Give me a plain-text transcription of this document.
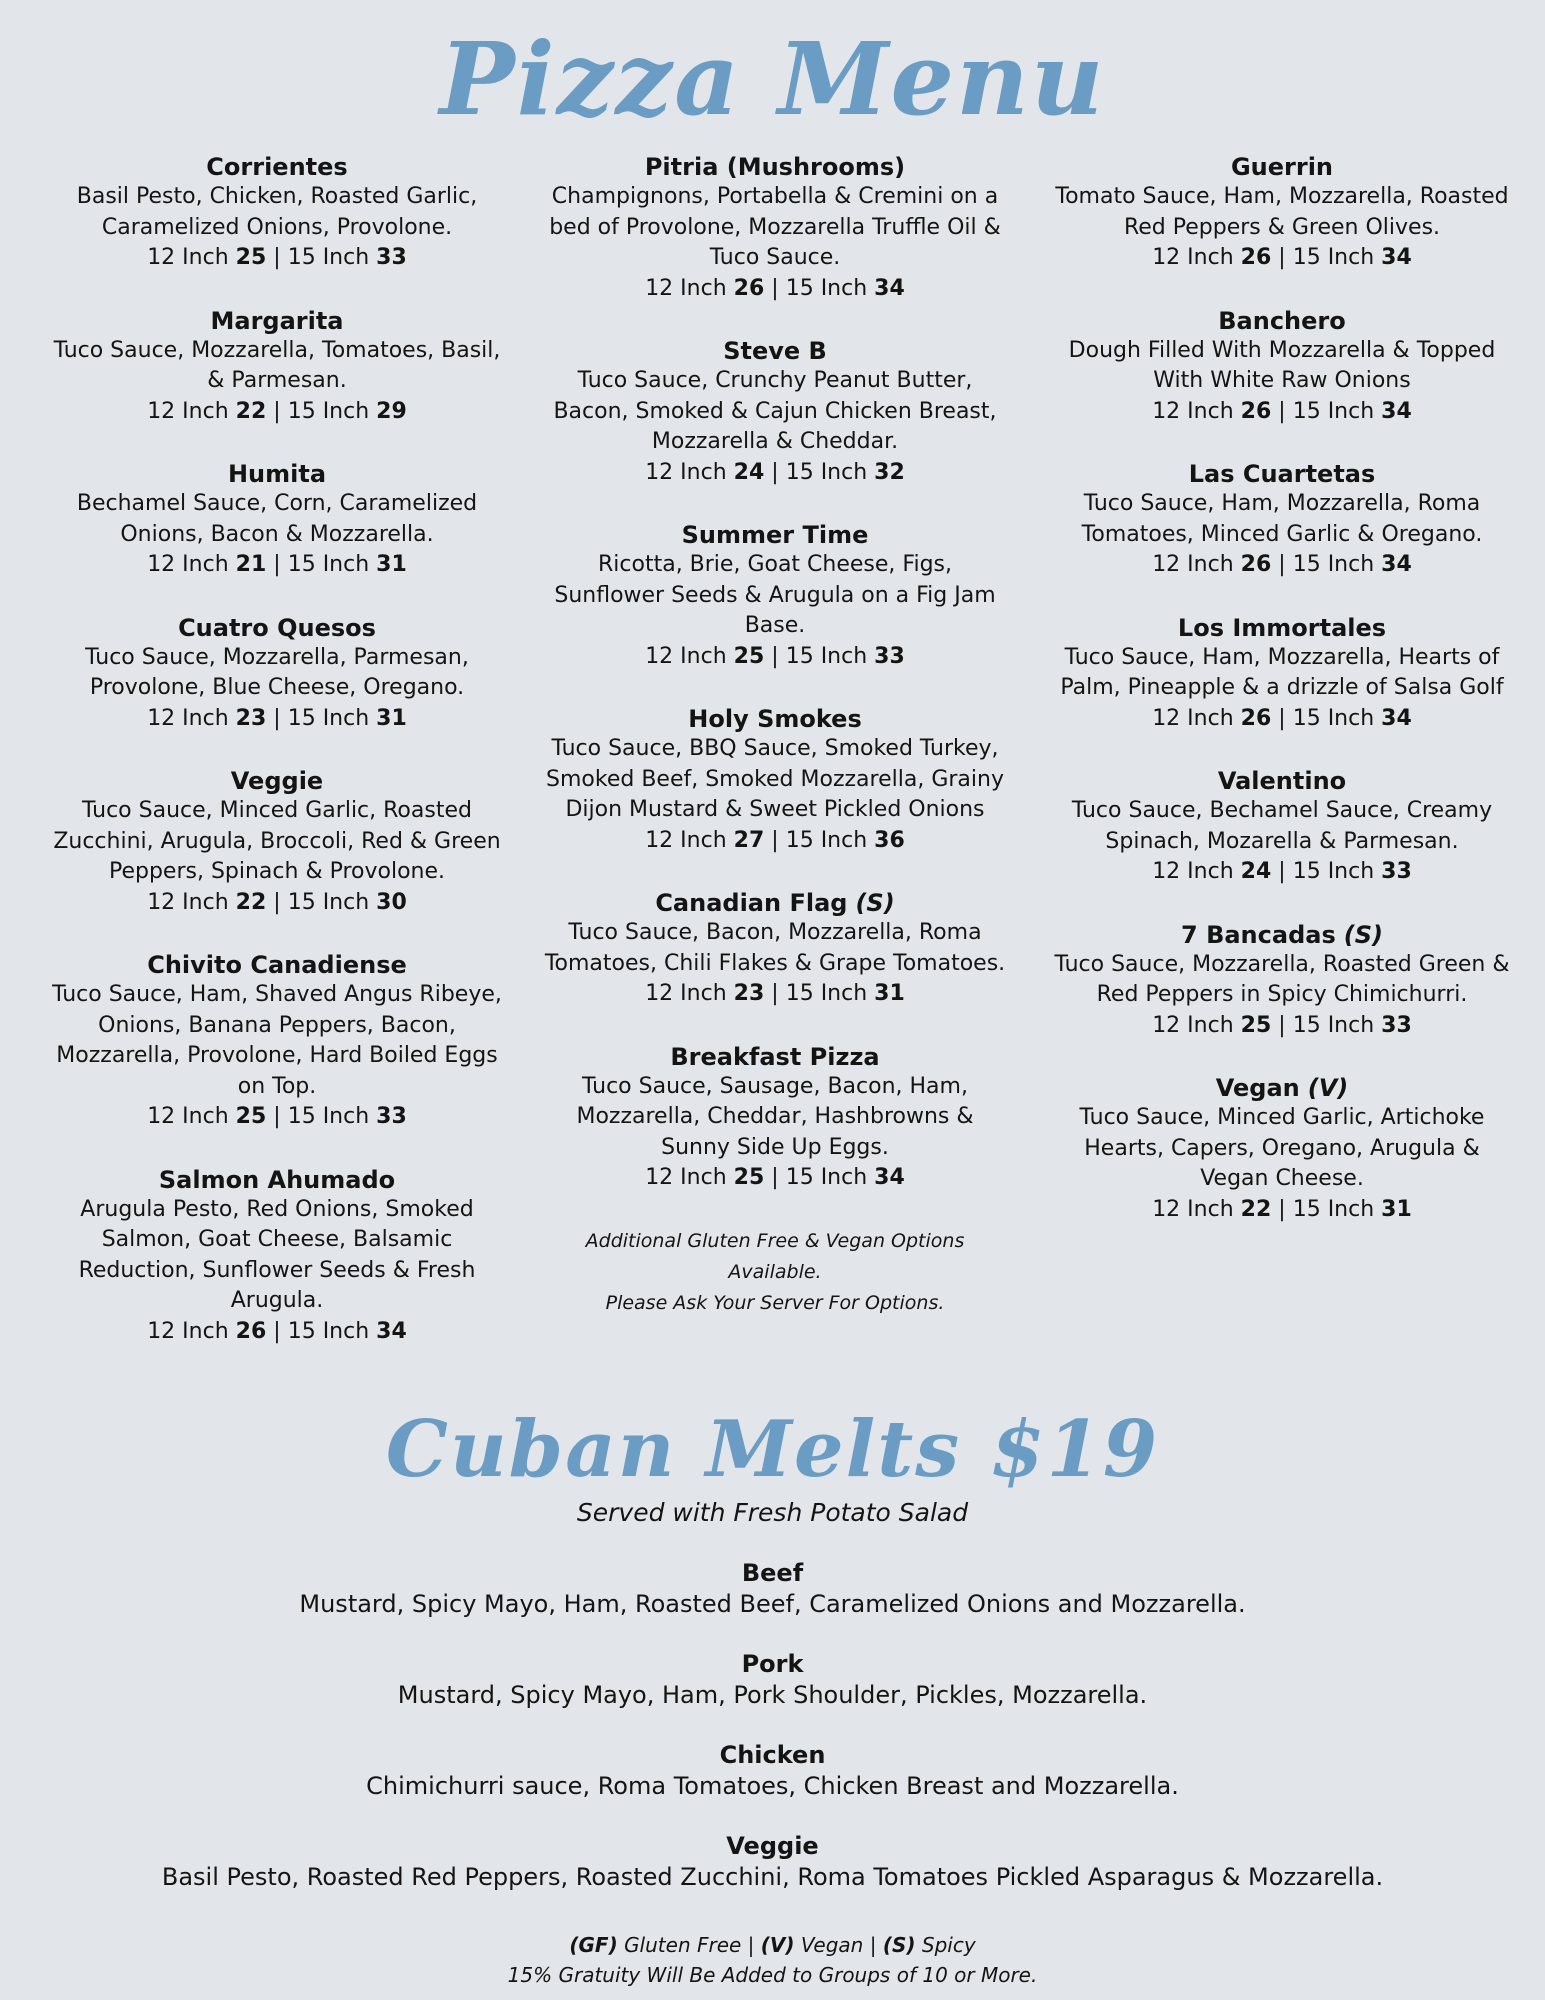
Pizza Menu
Corrientes
Basil Pesto, Chicken, Roasted Garlic, Caramelized Onions, Provolone.
12 Inch 25 | 15 Inch 33
Margarita
Tuco Sauce, Mozzarella, Tomatoes, Basil, & Parmesan.
12 Inch 22 | 15 Inch 29
Humita
Bechamel Sauce, Corn, Caramelized Onions, Bacon & Mozzarella.
12 Inch 21 | 15 Inch 31
Cuatro Quesos
Tuco Sauce, Mozzarella, Parmesan, Provolone, Blue Cheese, Oregano.
12 Inch 23 | 15 Inch 31
Veggie
Tuco Sauce, Minced Garlic, Roasted Zucchini, Arugula, Broccoli, Red & Green Peppers, Spinach & Provolone.
12 Inch 22 | 15 Inch 30
Chivito Canadiense
Tuco Sauce, Ham, Shaved Angus Ribeye, Onions, Banana Peppers, Bacon, Mozzarella, Provolone, Hard Boiled Eggs on Top.
12 Inch 25 | 15 Inch 33
Salmon Ahumado
Arugula Pesto, Red Onions, Smoked Salmon, Goat Cheese, Balsamic Reduction, Sunflower Seeds & Fresh Arugula.
12 Inch 26 | 15 Inch 34
Pitria (Mushrooms)
Champignons, Portabella & Cremini on a bed of Provolone, Mozzarella Truffle Oil & Tuco Sauce.
12 Inch 26 | 15 Inch 34
Steve B
Tuco Sauce, Crunchy Peanut Butter, Bacon, Smoked & Cajun Chicken Breast, Mozzarella & Cheddar.
12 Inch 24 | 15 Inch 32
Summer Time
Ricotta, Brie, Goat Cheese, Figs, Sunflower Seeds & Arugula on a Fig Jam Base.
12 Inch 25 | 15 Inch 33
Holy Smokes
Tuco Sauce, BBQ Sauce, Smoked Turkey, Smoked Beef, Smoked Mozzarella, Grainy Dijon Mustard & Sweet Pickled Onions
12 Inch 27 | 15 Inch 36
Canadian Flag (S)
Tuco Sauce, Bacon, Mozzarella, Roma Tomatoes, Chili Flakes & Grape Tomatoes.
12 Inch 23 | 15 Inch 31
Breakfast Pizza
Tuco Sauce, Sausage, Bacon, Ham, Mozzarella, Cheddar, Hashbrowns & Sunny Side Up Eggs.
12 Inch 25 | 15 Inch 34
Additional Gluten Free & Vegan Options Available.
Please Ask Your Server For Options.
Guerrin
Tomato Sauce, Ham, Mozzarella, Roasted Red Peppers & Green Olives.
12 Inch 26 | 15 Inch 34
Banchero
Dough Filled With Mozzarella & Topped With White Raw Onions
12 Inch 26 | 15 Inch 34
Las Cuartetas
Tuco Sauce, Ham, Mozzarella, Roma Tomatoes, Minced Garlic & Oregano.
12 Inch 26 | 15 Inch 34
Los Immortales
Tuco Sauce, Ham, Mozzarella, Hearts of Palm, Pineapple & a drizzle of Salsa Golf
12 Inch 26 | 15 Inch 34
Valentino
Tuco Sauce, Bechamel Sauce, Creamy Spinach, Mozarella & Parmesan.
12 Inch 24 | 15 Inch 33
7 Bancadas (S)
Tuco Sauce, Mozzarella, Roasted Green & Red Peppers in Spicy Chimichurri.
12 Inch 25 | 15 Inch 33
Vegan (V)
Tuco Sauce, Minced Garlic, Artichoke Hearts, Capers, Oregano, Arugula & Vegan Cheese.
12 Inch 22 | 15 Inch 31
Cuban Melts $19
Served with Fresh Potato Salad
Beef
Mustard, Spicy Mayo, Ham, Roasted Beef, Caramelized Onions and Mozzarella.
Pork
Mustard, Spicy Mayo, Ham, Pork Shoulder, Pickles, Mozzarella.
Chicken
Chimichurri sauce, Roma Tomatoes, Chicken Breast and Mozzarella.
Veggie
Basil Pesto, Roasted Red Peppers, Roasted Zucchini, Roma Tomatoes Pickled Asparagus & Mozzarella.
(GF) Gluten Free | (V) Vegan | (S) Spicy
15% Gratuity Will Be Added to Groups of 10 or More.
